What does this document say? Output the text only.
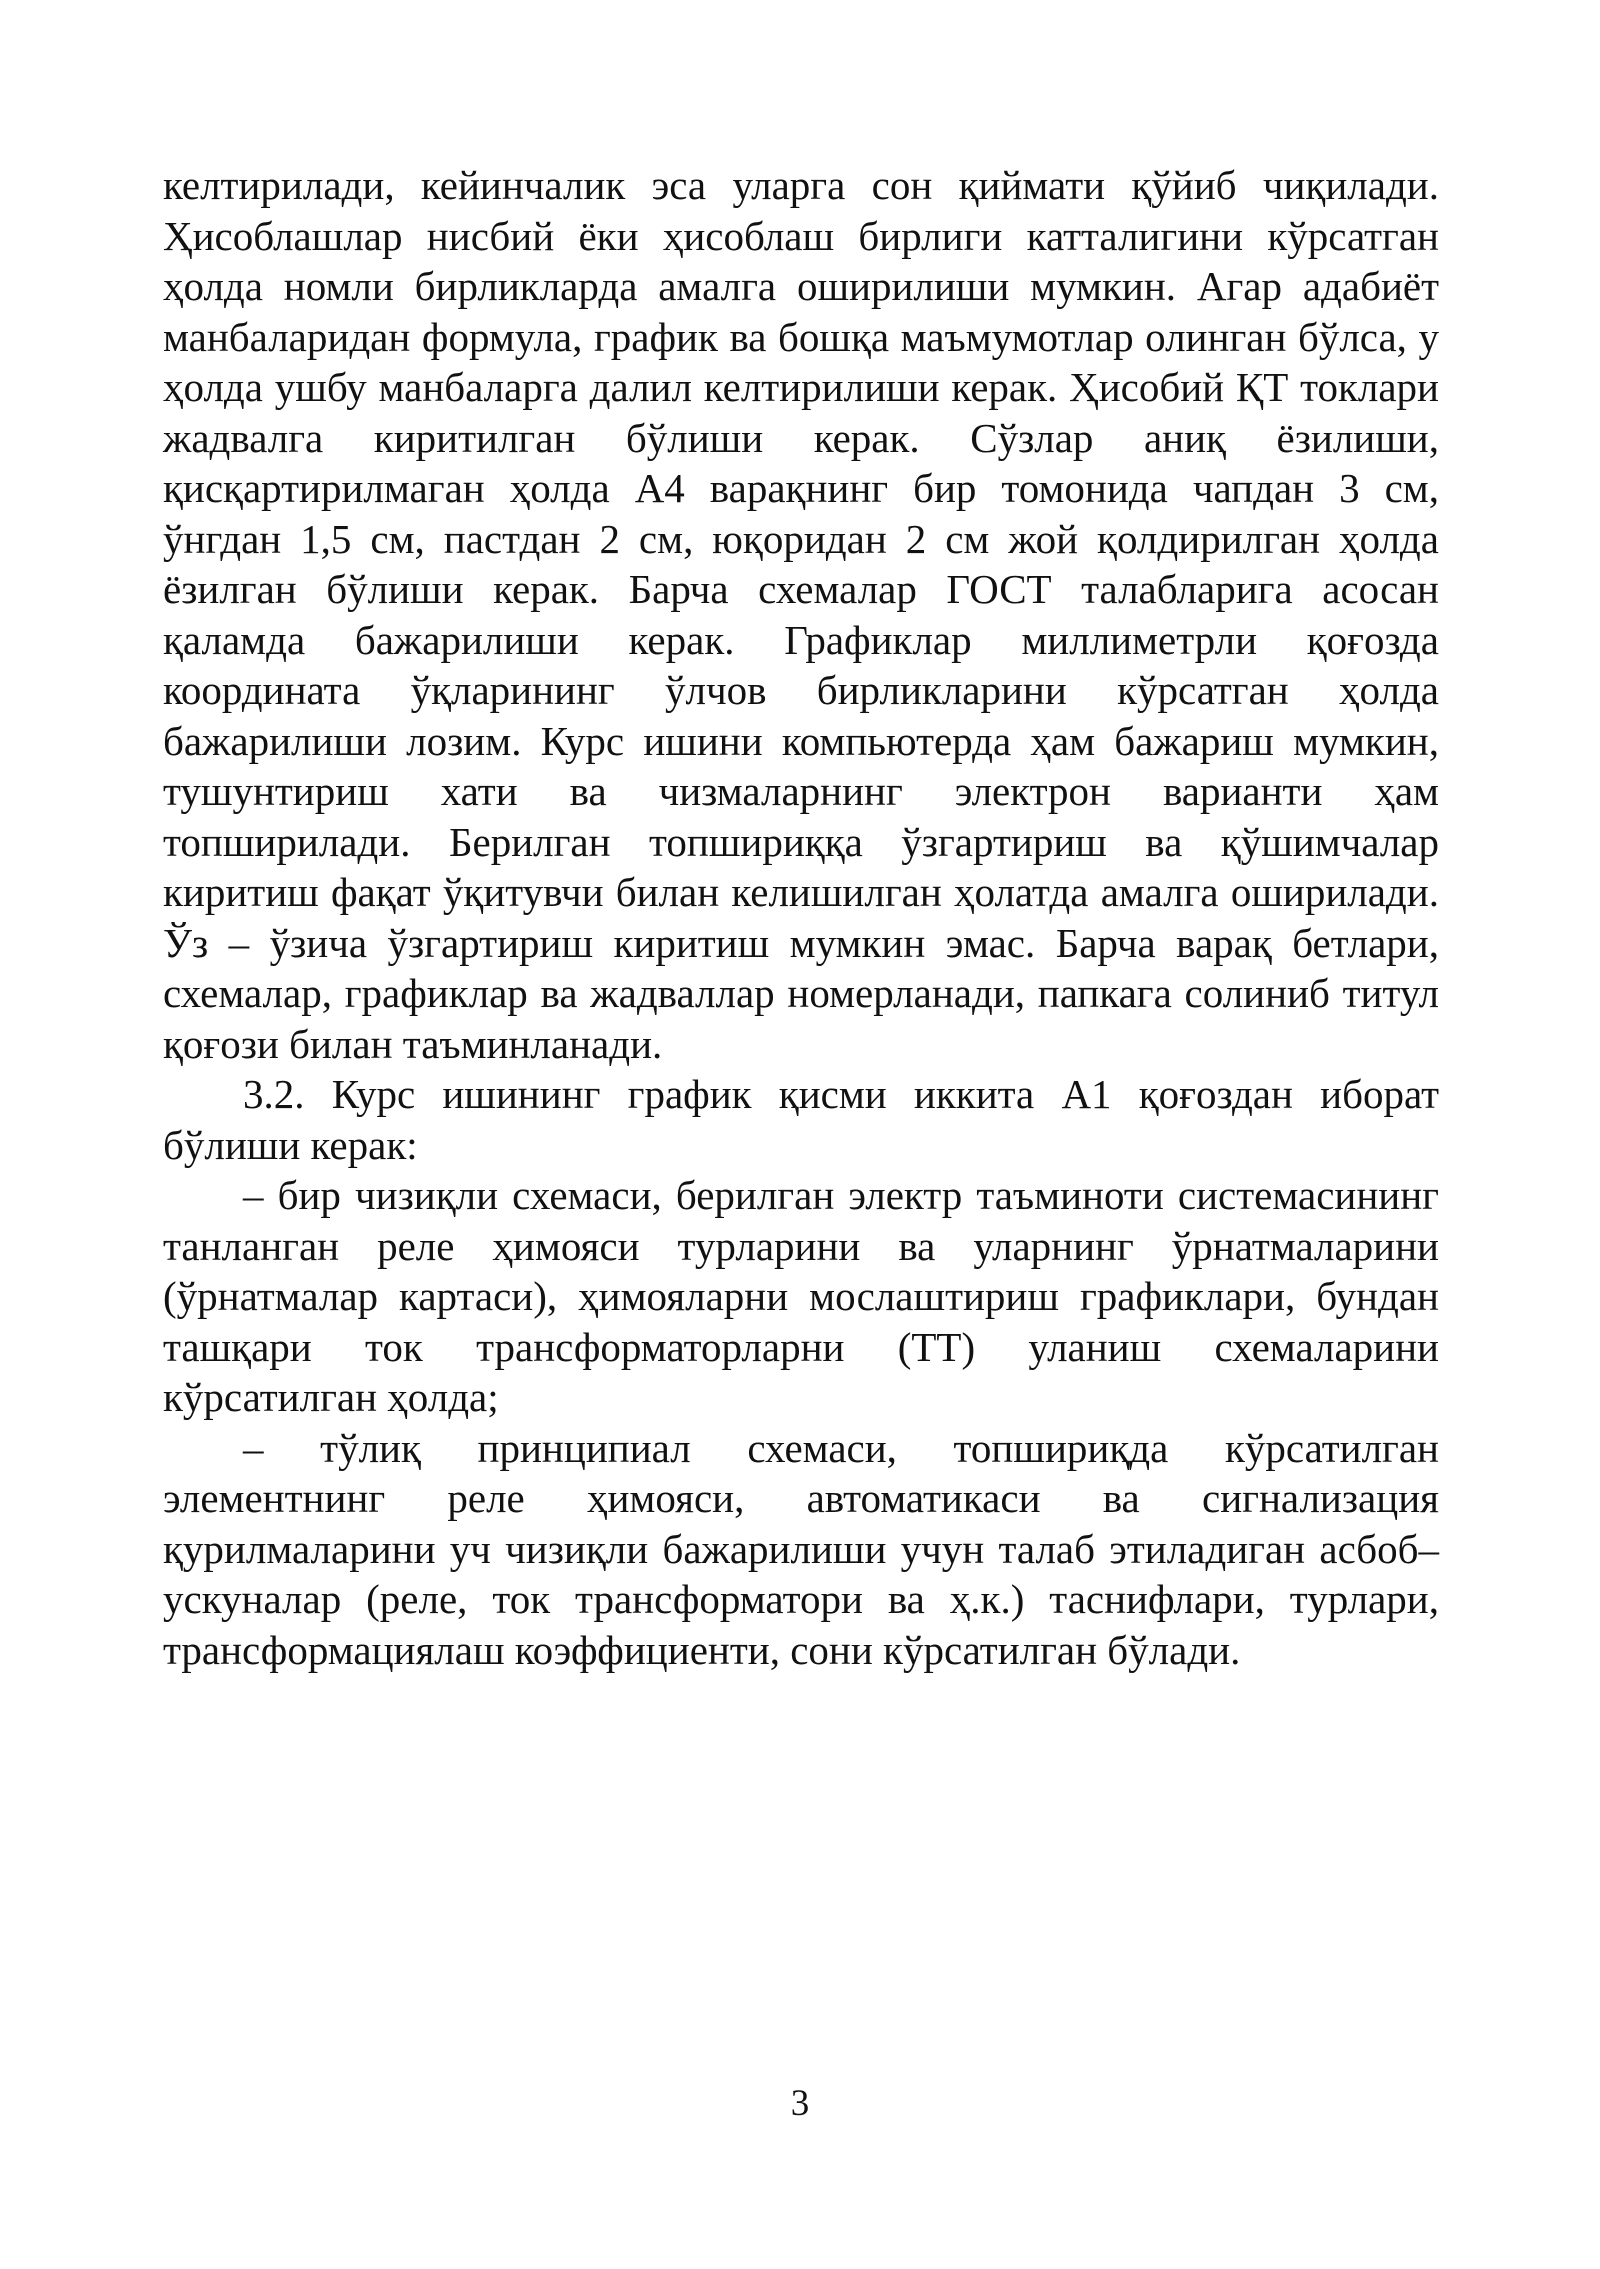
келтирилади, кейинчалик эса уларга сон қиймати қўйиб чиқилади. Ҳисоблашлар нисбий ёки ҳисоблаш бирлиги катталигини кўрсатган ҳолда номли бирликларда амалга оширилиши мумкин. Агар адабиёт манбаларидан формула, график ва бошқа маъмумотлар олинган бўлса, у ҳолда ушбу манбаларга далил келтирилиши керак. Ҳисобий ҚТ токлари жадвалга киритилган бўлиши керак. Сўзлар аниқ ёзилиши, қисқартирилмаган ҳолда А4 варақнинг бир томонида чапдан 3 см, ўнгдан 1,5 см, пастдан 2 см, юқоридан 2 см жой қолдирилган ҳолда ёзилган бўлиши керак. Барча схемалар ГОСТ талабларига асосан қаламда бажарилиши керак. Графиклар миллиметрли қоғозда координата ўқларининг ўлчов бирликларини кўрсатган ҳолда бажарилиши лозим. Курс ишини компьютерда ҳам бажариш мумкин, тушунтириш хати ва чизмаларнинг электрон варианти ҳам топширилади. Берилган топшириққа ўзгартириш ва қўшимчалар киритиш фақат ўқитувчи билан келишилган ҳолатда амалга оширилади. Ўз – ўзича ўзгартириш киритиш мумкин эмас. Барча варақ бетлари, схемалар, графиклар ва жадваллар номерланади, папкага солиниб титул қоғози билан таъминланади.

3.2. Курс ишининг график қисми иккита А1 қоғоздан иборат бўлиши керак:

– бир чизиқли схемаси, берилган электр таъминоти системасининг танланган реле ҳимояси турларини ва уларнинг ўрнатмаларини (ўрнатмалар картаси), ҳимояларни мослаштириш графиклари, бундан ташқари ток трансформаторларни (ТТ) уланиш схемаларини кўрсатилган ҳолда;

– тўлиқ принципиал схемаси, топшириқда кўрсатилган элементнинг реле ҳимояси, автоматикаси ва сигнализация қурилмаларини уч чизиқли бажарилиши учун талаб этиладиган асбоб–ускуналар (реле, ток трансформатори ва ҳ.к.) таснифлари, турлари, трансформациялаш коэффициенти, сони кўрсатилган бўлади.

3
